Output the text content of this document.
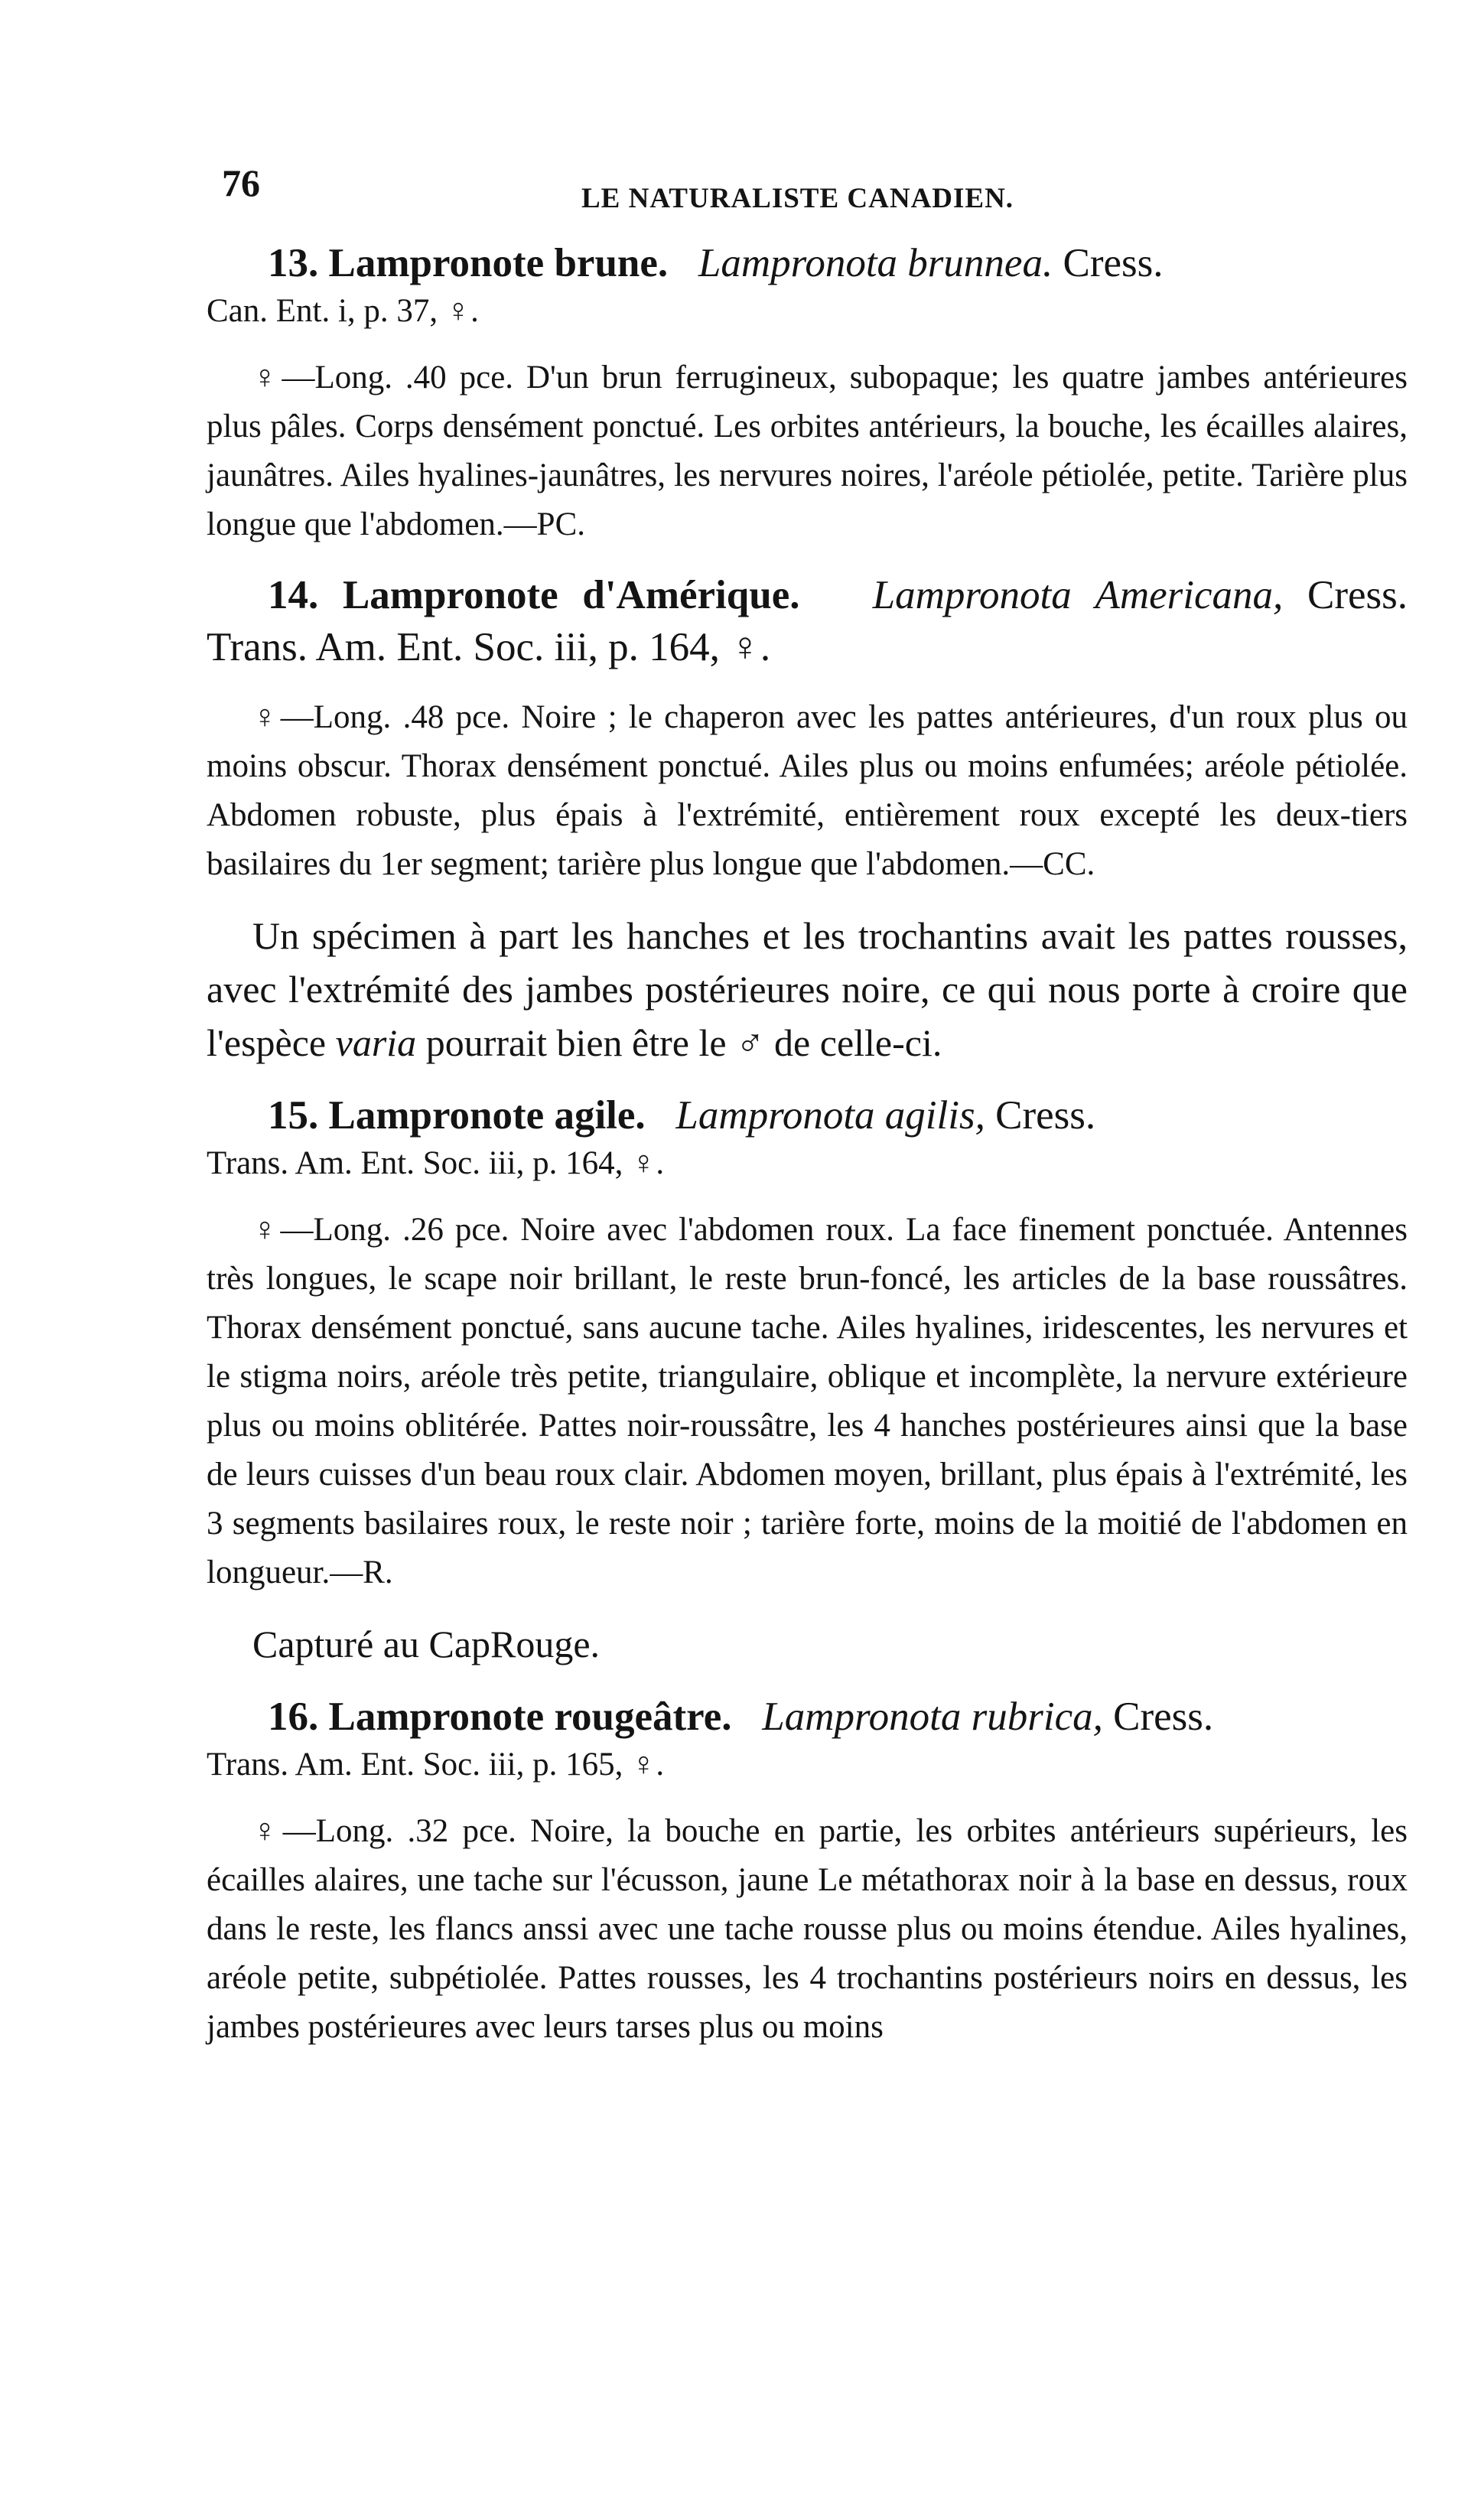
76	LE NATURALISTE CANADIEN.

13. Lampronote brune. Lampronota brunnea. Cress.

Can. Ent. i, p. 37, ♀.

♀—Long. .40 pce. D'un brun ferrugineux, subopaque; les quatre jambes antérieures plus pâles. Corps densément ponctué. Les orbites antérieurs, la bouche, les écailles alaires, jaunâtres. Ailes hyalines-jaunâtres, les nervures noires, l'aréole pétiolée, petite. Tarière plus longue que l'abdomen.—PC.

14. Lampronote d'Amérique. Lampronota Americana, Cress. Trans. Am. Ent. Soc. iii, p. 164, ♀.

♀—Long. .48 pce. Noire ; le chaperon avec les pattes antérieures, d'un roux plus ou moins obscur. Thorax densément ponctué. Ailes plus ou moins enfumées; aréole pétiolée. Abdomen robuste, plus épais à l'extrémité, entièrement roux excepté les deux-tiers basilaires du 1er segment; tarière plus longue que l'abdomen.—CC.

Un spécimen à part les hanches et les trochantins avait les pattes rousses, avec l'extrémité des jambes postérieures noire, ce qui nous porte à croire que l'espèce varia pourrait bien être le ♂ de celle-ci.

15. Lampronote agile. Lampronota agilis, Cress.

Trans. Am. Ent. Soc. iii, p. 164, ♀.

♀—Long. .26 pce. Noire avec l'abdomen roux. La face finement ponctuée. Antennes très longues, le scape noir brillant, le reste brun-foncé, les articles de la base roussâtres. Thorax densément ponctué, sans aucune tache. Ailes hyalines, iridescentes, les nervures et le stigma noirs, aréole très petite, triangulaire, oblique et incomplète, la nervure extérieure plus ou moins oblitérée. Pattes noir-roussâtre, les 4 hanches postérieures ainsi que la base de leurs cuisses d'un beau roux clair. Abdomen moyen, brillant, plus épais à l'extrémité, les 3 segments basilaires roux, le reste noir ; tarière forte, moins de la moitié de l'abdomen en longueur.—R.

Capturé au CapRouge.

16. Lampronote rougeâtre. Lampronota rubrica, Cress.

Trans. Am. Ent. Soc. iii, p. 165, ♀.

♀—Long. .32 pce. Noire, la bouche en partie, les orbites antérieurs supérieurs, les écailles alaires, une tache sur l'écusson, jaune Le métathorax noir à la base en dessus, roux dans le reste, les flancs anssi avec une tache rousse plus ou moins étendue. Ailes hyalines, aréole petite, subpétiolée. Pattes rousses, les 4 trochantins postérieurs noirs en dessus, les jambes postérieures avec leurs tarses plus ou moins
